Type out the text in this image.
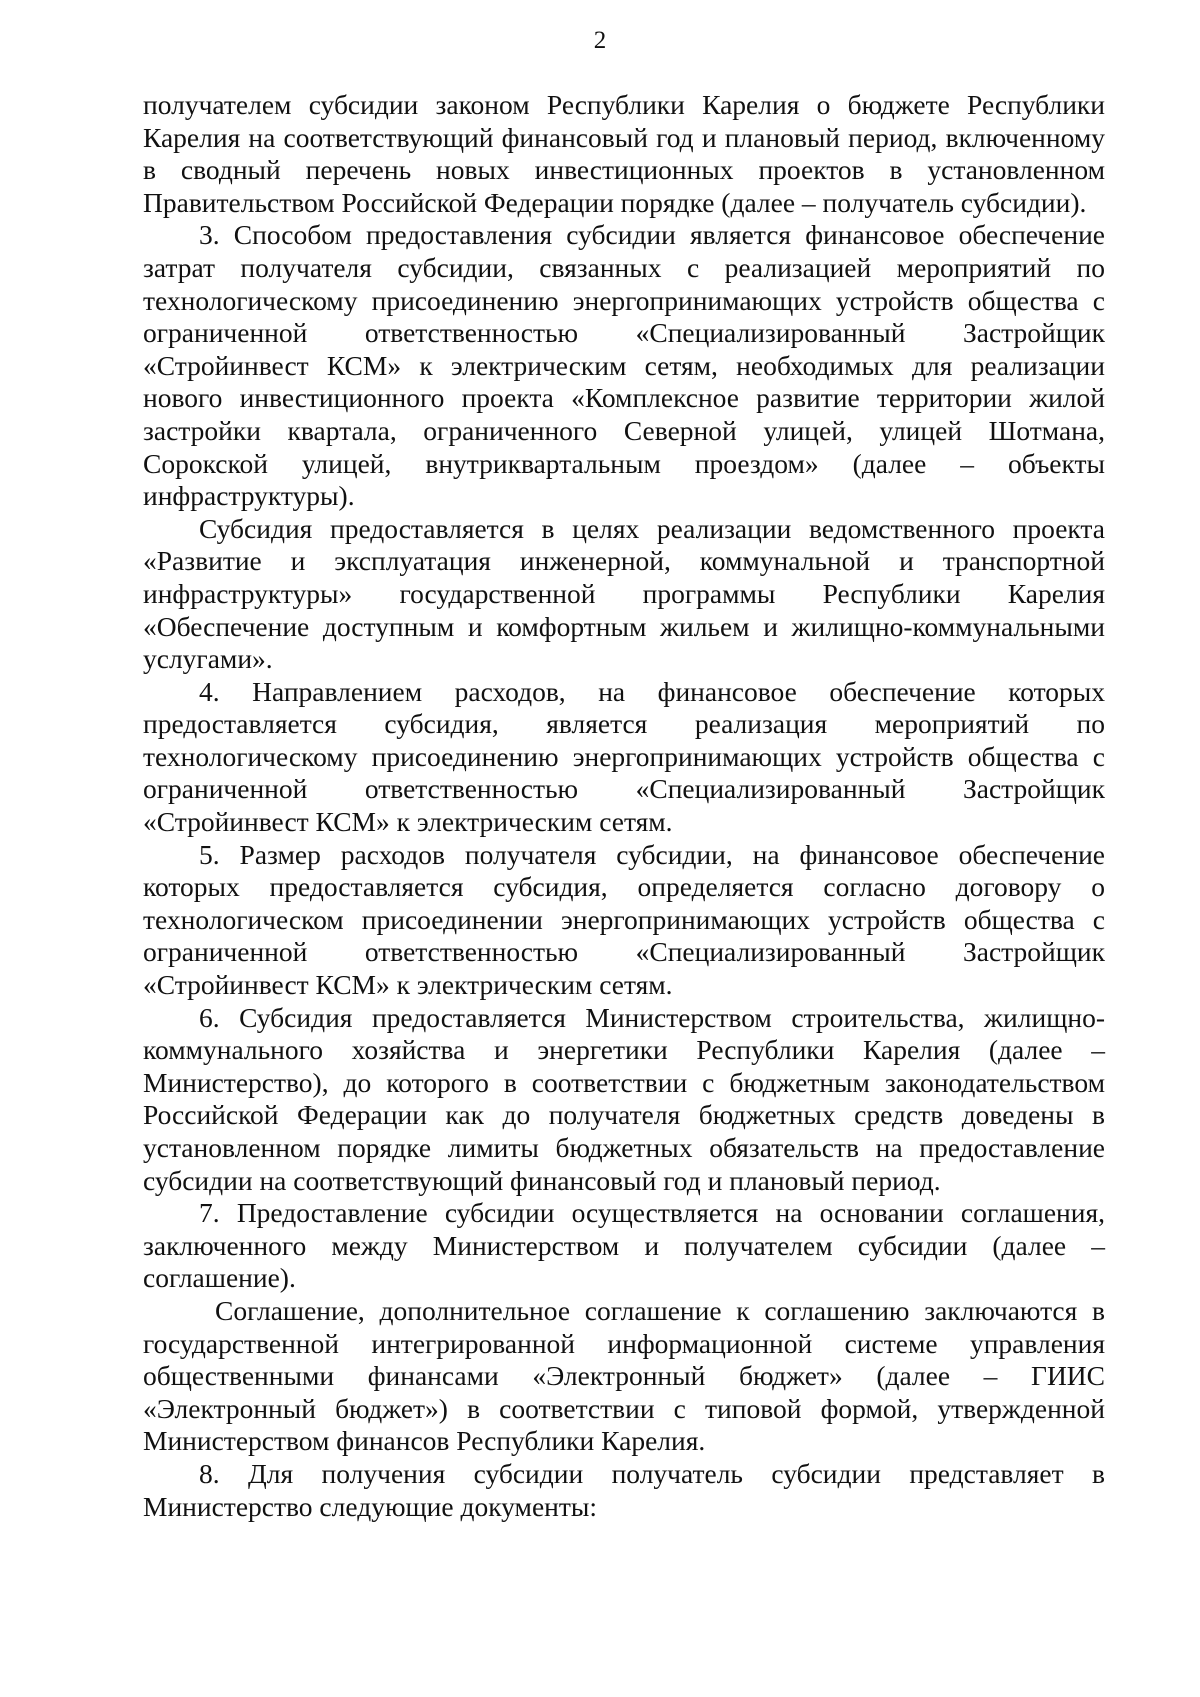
2

получателем субсидии законом Республики Карелия о бюджете Республики Карелия на соответствующий финансовый год и плановый период, включенному в сводный перечень новых инвестиционных проектов в установленном Правительством Российской Федерации порядке (далее – получатель субсидии).

3. Способом предоставления субсидии является финансовое обеспечение затрат получателя субсидии, связанных с реализацией мероприятий по технологическому присоединению энергопринимающих устройств общества с ограниченной ответственностью «Специализированный Застройщик «Стройинвест КСМ» к электрическим сетям, необходимых для реализации нового инвестиционного проекта «Комплексное развитие территории жилой застройки квартала, ограниченного Северной улицей, улицей Шотмана, Сорокской улицей, внутриквартальным проездом» (далее – объекты инфраструктуры).

Субсидия предоставляется в целях реализации ведомственного проекта «Развитие и эксплуатация инженерной, коммунальной и транспортной инфраструктуры» государственной программы Республики Карелия «Обеспечение доступным и комфортным жильем и жилищно-коммунальными услугами».

4. Направлением расходов, на финансовое обеспечение которых предоставляется субсидия, является реализация мероприятий по технологическому присоединению энергопринимающих устройств общества с ограниченной ответственностью «Специализированный Застройщик «Стройинвест КСМ» к электрическим сетям.

5. Размер расходов получателя субсидии, на финансовое обеспечение которых предоставляется субсидия, определяется согласно договору о технологическом присоединении энергопринимающих устройств общества с ограниченной ответственностью «Специализированный Застройщик «Стройинвест КСМ» к электрическим сетям.

6. Субсидия предоставляется Министерством строительства, жилищно-коммунального хозяйства и энергетики Республики Карелия (далее – Министерство), до которого в соответствии с бюджетным законодательством Российской Федерации как до получателя бюджетных средств доведены в установленном порядке лимиты бюджетных обязательств на предоставление субсидии на соответствующий финансовый год и плановый период.

7. Предоставление субсидии осуществляется на основании соглашения, заключенного между Министерством и получателем субсидии (далее – соглашение).

Соглашение, дополнительное соглашение к соглашению заключаются в государственной интегрированной информационной системе управления общественными финансами «Электронный бюджет» (далее – ГИИС «Электронный бюджет») в соответствии с типовой формой, утвержденной Министерством финансов Республики Карелия.

8. Для получения субсидии получатель субсидии представляет в Министерство следующие документы:
